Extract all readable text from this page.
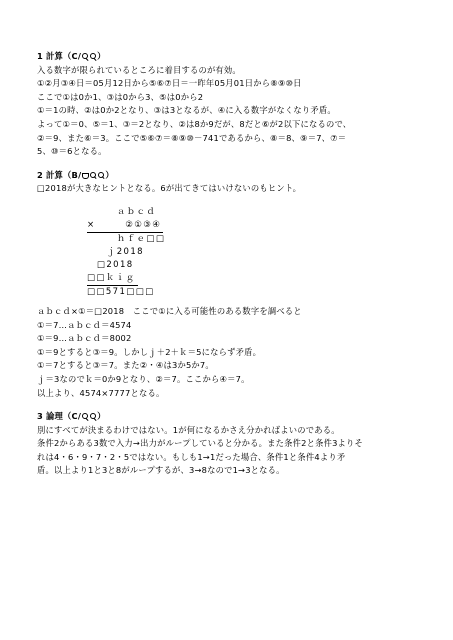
1 計算（C/ ）
入る数字が限られているところに着目するのが有効。
①②月③④日＝05月12日から⑤⑥⑦日＝一昨年05月01日から⑧⑨⑩日
ここで①は0か1、③は0から3、⑤は0から2
①＝1の時、②は0か2となり、③は3となるが、④に入る数字がなくなり矛盾。
よって①＝0、⑤＝1、③＝2となり、②は8か9だが、8だと⑥が2以下になるので、
②＝9、また⑥＝3。ここで⑤⑥⑦＝⑧⑨⑩－741であるから、⑧＝8、⑨＝7、⑦＝
5、⑩＝6となる。
2 計算（B/	）
□2018が大きなヒントとなる。6が出てきてはいけないのもヒント。
　　　ａｂｃｄ
×　　　②①③④
　　　ｈｆｅ□□
　　ｊ2018
　□2018
□□ｋｉｇ
□□571□□□
ａｂｃｄ×①＝□2018　ここで①に入る可能性のある数字を調べると
①＝7…ａｂｃｄ＝4574
①＝9…ａｂｃｄ＝8002
①＝9とすると③＝9。しかしｊ＋2＋ｋ＝5にならず矛盾。
①＝7とすると③＝7。また②・④は3か5か7。
ｊ＝3なのでｋ＝0か9となり、②＝7。ここから④＝7。
以上より、4574×7777となる。
3 論理（C/ ）
別にすべてが決まるわけではない。1が何になるかさえ分かればよいのである。
条件2からある3数で入力→出力がループしていると分かる。また条件2と条件3よりそ
れは4・6・9・7・2・5ではない。もしも1→1だった場合、条件1と条件4より矛
盾。以上より1と3と8がループするが、3→8なので1→3となる。
